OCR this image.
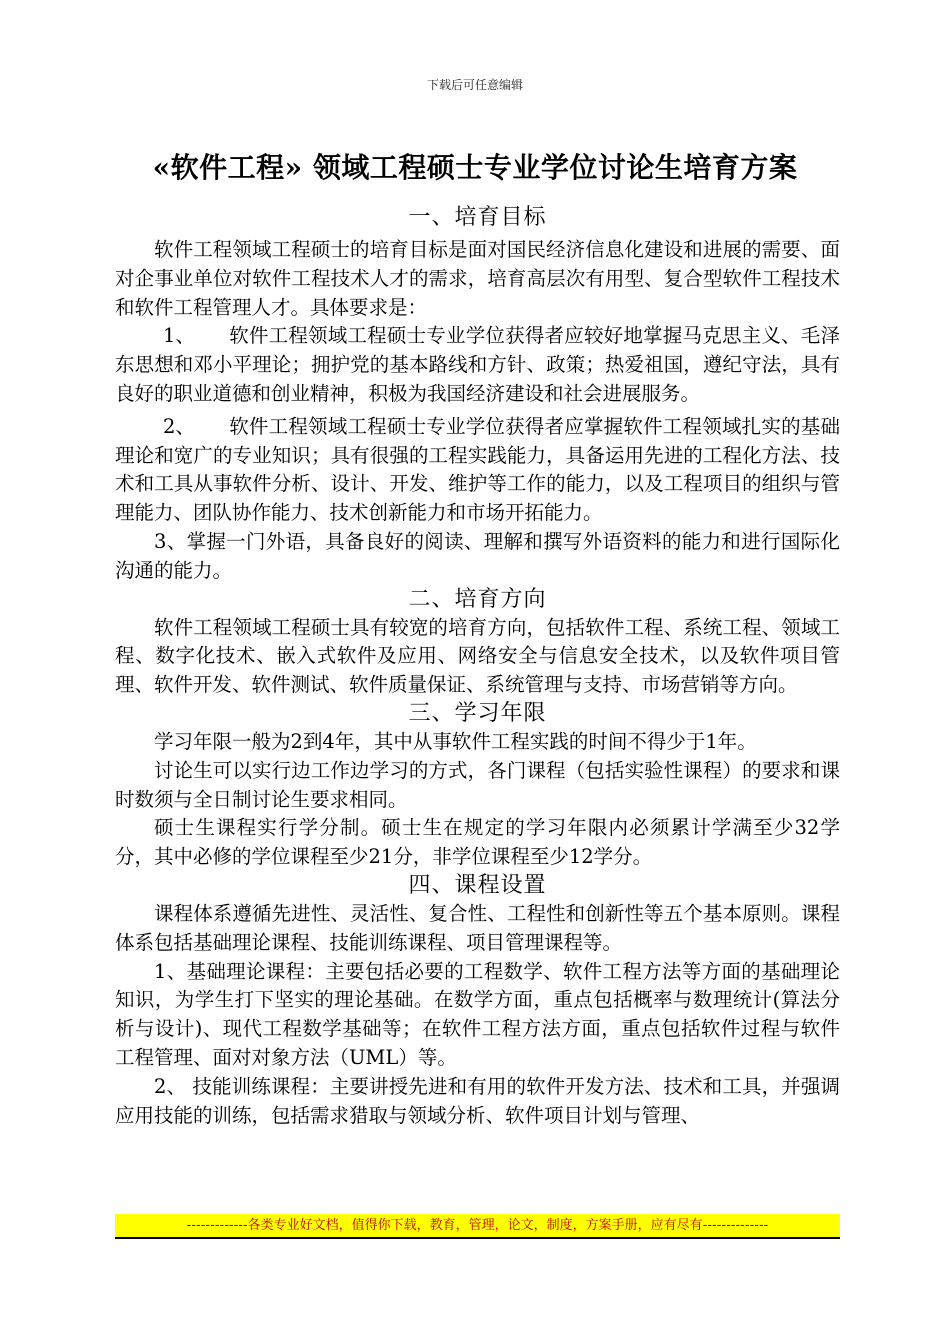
下载后可任意编辑
«软件工程» 领域工程硕士专业学位讨论生培育方案
一、培育目标

软件工程领域工程硕士的培育目标是面对国民经济信息化建设和进展的需要、面对企事业单位对软件工程技术人才的需求，培育高层次有用型、复合型软件工程技术和软件工程管理人才。具体要求是：

1、 软件工程领域工程硕士专业学位获得者应较好地掌握马克思主义、毛泽东思想和邓小平理论；拥护党的基本路线和方针、政策；热爱祖国，遵纪守法，具有良好的职业道德和创业精神，积极为我国经济建设和社会进展服务。

2、 软件工程领域工程硕士专业学位获得者应掌握软件工程领域扎实的基础理论和宽广的专业知识；具有很强的工程实践能力，具备运用先进的工程化方法、技术和工具从事软件分析、设计、开发、维护等工作的能力，以及工程项目的组织与管理能力、团队协作能力、技术创新能力和市场开拓能力。

3、掌握一门外语，具备良好的阅读、理解和撰写外语资料的能力和进行国际化沟通的能力。

二、培育方向

软件工程领域工程硕士具有较宽的培育方向，包括软件工程、系统工程、领域工程、数字化技术、嵌入式软件及应用、网络安全与信息安全技术，以及软件项目管理、软件开发、软件测试、软件质量保证、系统管理与支持、市场营销等方向。

三、学习年限

学习年限一般为2到4年，其中从事软件工程实践的时间不得少于1年。

讨论生可以实行边工作边学习的方式，各门课程（包括实验性课程）的要求和课时数须与全日制讨论生要求相同。

硕士生课程实行学分制。硕士生在规定的学习年限内必须累计学满至少32学分，其中必修的学位课程至少21分，非学位课程至少12学分。

四、课程设置

课程体系遵循先进性、灵活性、复合性、工程性和创新性等五个基本原则。课程体系包括基础理论课程、技能训练课程、项目管理课程等。

1、基础理论课程：主要包括必要的工程数学、软件工程方法等方面的基础理论知识，为学生打下坚实的理论基础。在数学方面，重点包括概率与数理统计(算法分析与设计)、现代工程数学基础等；在软件工程方法方面，重点包括软件过程与软件工程管理、面对对象方法（UML）等。

2、 技能训练课程：主要讲授先进和有用的软件开发方法、技术和工具，并强调应用技能的训练，包括需求猎取与领域分析、软件项目计划与管理、

-------------各类专业好文档，值得你下载，教育，管理，论文，制度，方案手册，应有尽有--------------
